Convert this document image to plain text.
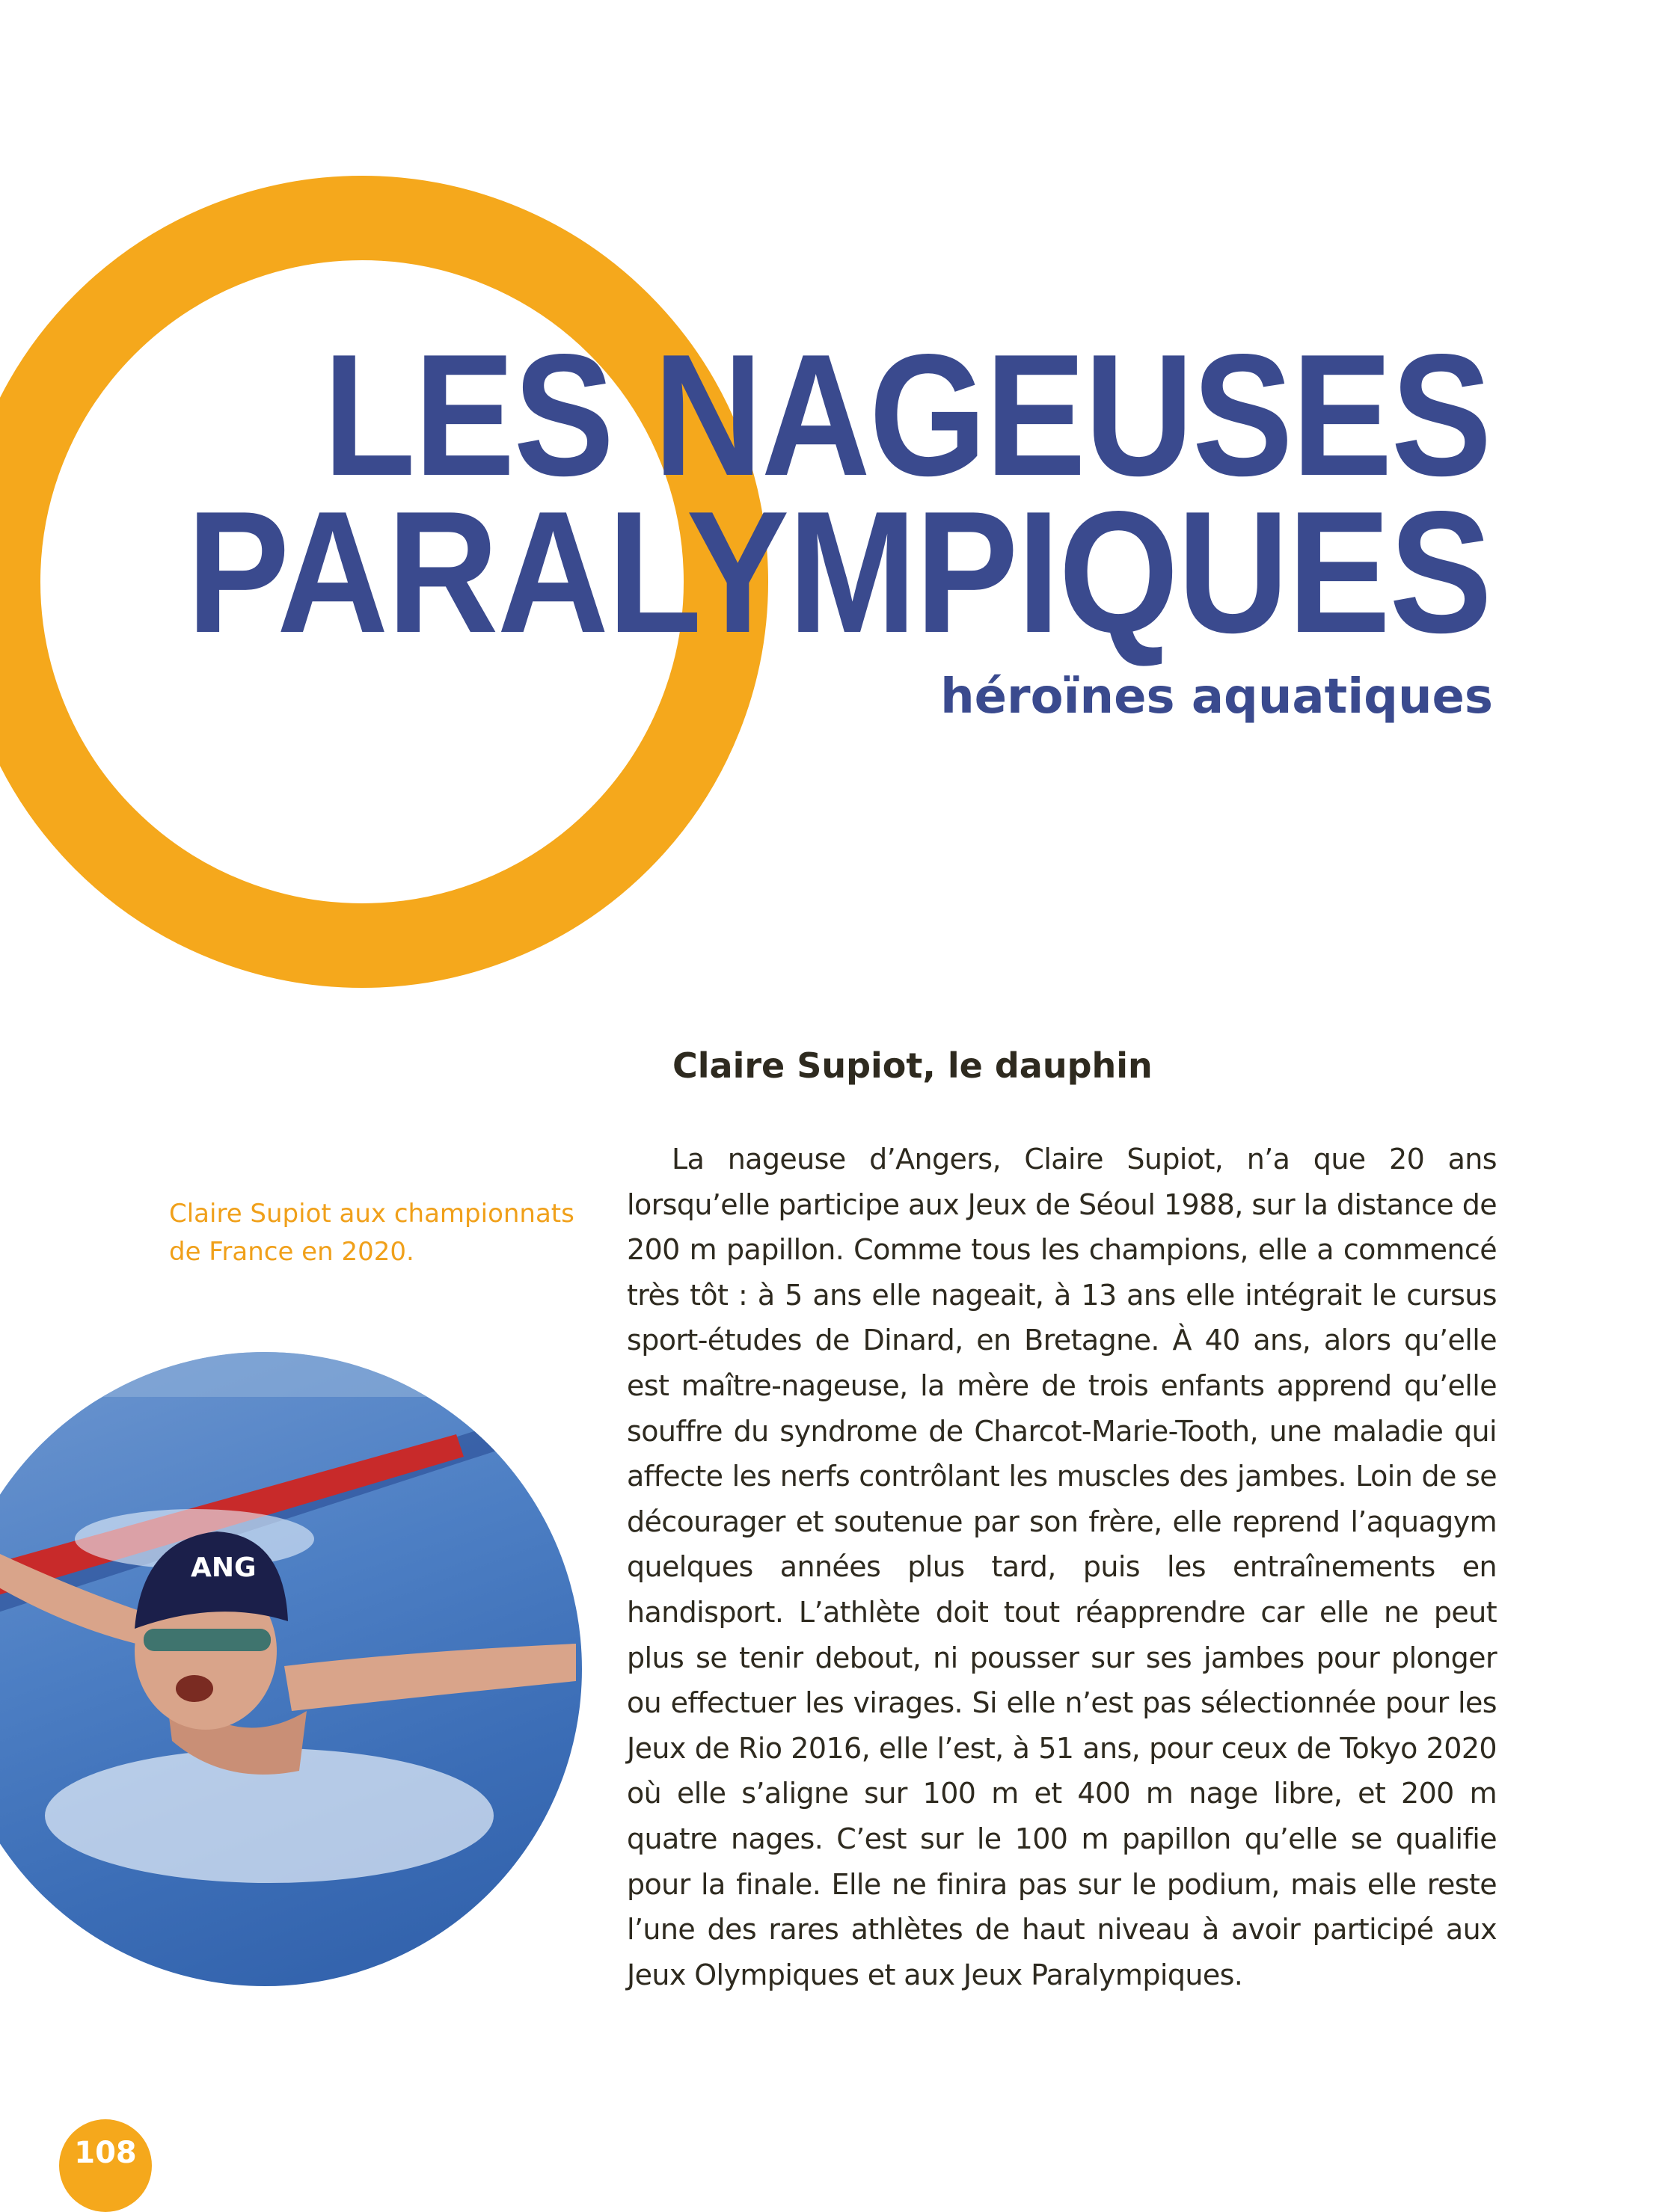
LES NAGEUSES
PARALYMPIQUES
héroïnes aquatiques
Claire Supiot, le dauphin

La nageuse d’Angers, Claire Supiot, n’a que 20 ans lorsqu’elle participe aux Jeux de Séoul 1988, sur la distance de 200 m papillon. Comme tous les champions, elle a commencé très tôt : à 5 ans elle nageait, à 13 ans elle intégrait le cursus sport-études de Dinard, en Bretagne. À 40 ans, alors qu’elle est maître-nageuse, la mère de trois enfants apprend qu’elle souffre du syndrome de Charcot-Marie-Tooth, une maladie qui affecte les nerfs contrôlant les muscles des jambes. Loin de se décourager et soutenue par son frère, elle reprend l’aquagym quelques années plus tard, puis les entraînements en handisport. L’athlète doit tout réapprendre car elle ne peut plus se tenir debout, ni pousser sur ses jambes pour plonger ou effectuer les virages. Si elle n’est pas sélectionnée pour les Jeux de Rio 2016, elle l’est, à 51 ans, pour ceux de Tokyo 2020 où elle s’aligne sur 100 m et 400 m nage libre, et 200 m quatre nages. C’est sur le 100 m papillon qu’elle se qualifie pour la finale. Elle ne finira pas sur le podium, mais elle reste l’une des rares athlètes de haut niveau à avoir participé aux Jeux Olympiques et aux Jeux Paralympiques.

Claire Supiot aux championnats de France en 2020.
ANG
108
